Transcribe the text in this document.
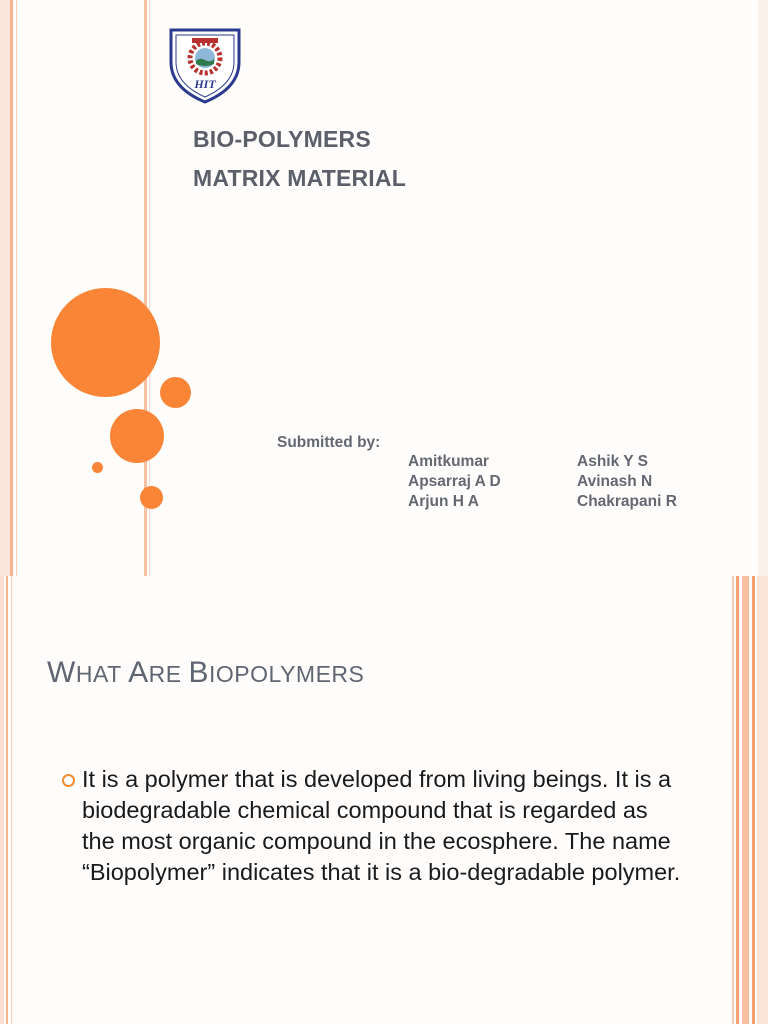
HIT

BIO-POLYMERS

MATRIX MATERIAL

Submitted by:
Amitkumar
Apsarraj A D
Arjun H A
Ashik Y S
Avinash N
Chakrapani R
WHAT ARE BIOPOLYMERS

It is a polymer that is developed from living beings. It is a biodegradable chemical compound that is regarded as the most organic compound in the ecosphere. The name “Biopolymer” indicates that it is a bio-degradable polymer.
